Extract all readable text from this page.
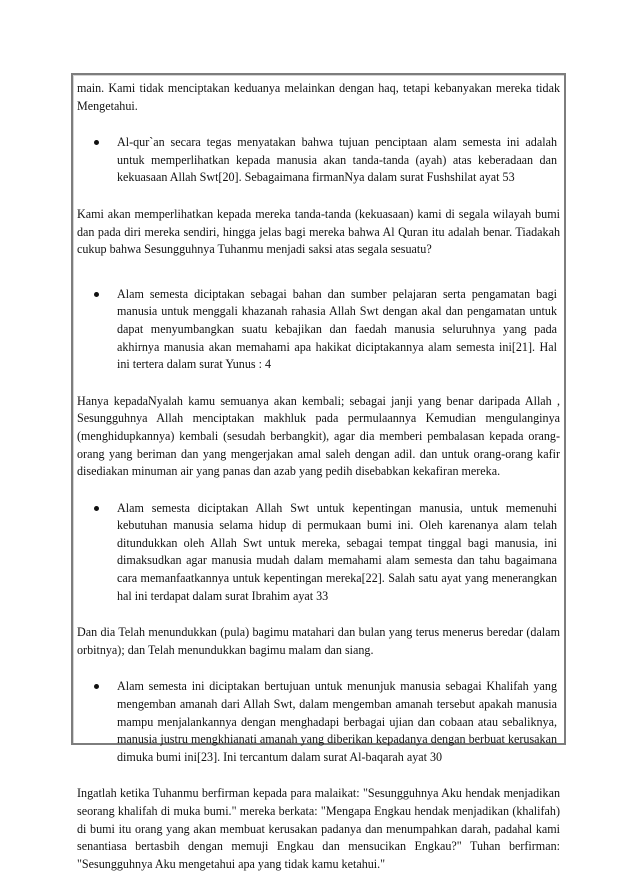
main. Kami tidak menciptakan keduanya melainkan dengan haq, tetapi kebanyakan mereka tidak Mengetahui.

Al-qur`an secara tegas menyatakan bahwa tujuan penciptaan alam semesta ini adalah untuk memperlihatkan kepada manusia akan tanda-tanda (ayah) atas keberadaan dan kekuasaan Allah Swt[20]. Sebagaimana firmanNya dalam surat Fushshilat ayat 53

Kami akan memperlihatkan kepada mereka tanda-tanda (kekuasaan) kami di segala wilayah bumi dan pada diri mereka sendiri, hingga jelas bagi mereka bahwa Al Quran itu adalah benar. Tiadakah cukup bahwa Sesungguhnya Tuhanmu menjadi saksi atas segala sesuatu?

Alam semesta diciptakan sebagai bahan dan sumber pelajaran serta pengamatan bagi manusia untuk menggali khazanah rahasia Allah Swt dengan akal dan pengamatan untuk dapat menyumbangkan suatu kebajikan dan faedah manusia seluruhnya yang pada akhirnya manusia akan memahami apa hakikat diciptakannya alam semesta ini[21]. Hal ini tertera dalam surat Yunus : 4

Hanya kepadaNyalah kamu semuanya akan kembali; sebagai janji yang benar daripada Allah , Sesungguhnya Allah menciptakan makhluk pada permulaannya Kemudian mengulanginya (menghidupkannya) kembali (sesudah berbangkit), agar dia memberi pembalasan kepada orang-orang yang beriman dan yang mengerjakan amal saleh dengan adil. dan untuk orang-orang kafir disediakan minuman air yang panas dan azab yang pedih disebabkan kekafiran mereka.

Alam semesta diciptakan Allah Swt untuk kepentingan manusia, untuk memenuhi kebutuhan manusia selama hidup di permukaan bumi ini. Oleh karenanya alam telah ditundukkan oleh Allah Swt untuk mereka, sebagai tempat tinggal bagi manusia, ini dimaksudkan agar manusia mudah dalam memahami alam semesta dan tahu bagaimana cara memanfaatkannya untuk kepentingan mereka[22]. Salah satu ayat yang menerangkan hal ini terdapat dalam surat Ibrahim ayat 33

Dan dia Telah menundukkan (pula) bagimu matahari dan bulan yang terus menerus beredar (dalam orbitnya); dan Telah menundukkan bagimu malam dan siang.

Alam semesta ini diciptakan bertujuan untuk menunjuk manusia sebagai Khalifah yang mengemban amanah dari Allah Swt, dalam mengemban amanah tersebut apakah manusia mampu menjalankannya dengan menghadapi berbagai ujian dan cobaan atau sebaliknya, manusia justru mengkhianati amanah yang diberikan kepadanya dengan berbuat kerusakan dimuka bumi ini[23]. Ini tercantum dalam surat Al-baqarah ayat 30

Ingatlah ketika Tuhanmu berfirman kepada para malaikat: "Sesungguhnya Aku hendak menjadikan seorang khalifah di muka bumi." mereka berkata: "Mengapa Engkau hendak menjadikan (khalifah) di bumi itu orang yang akan membuat kerusakan padanya dan menumpahkan darah, padahal kami senantiasa bertasbih dengan memuji Engkau dan mensucikan Engkau?" Tuhan berfirman: "Sesungguhnya Aku mengetahui apa yang tidak kamu ketahui."
